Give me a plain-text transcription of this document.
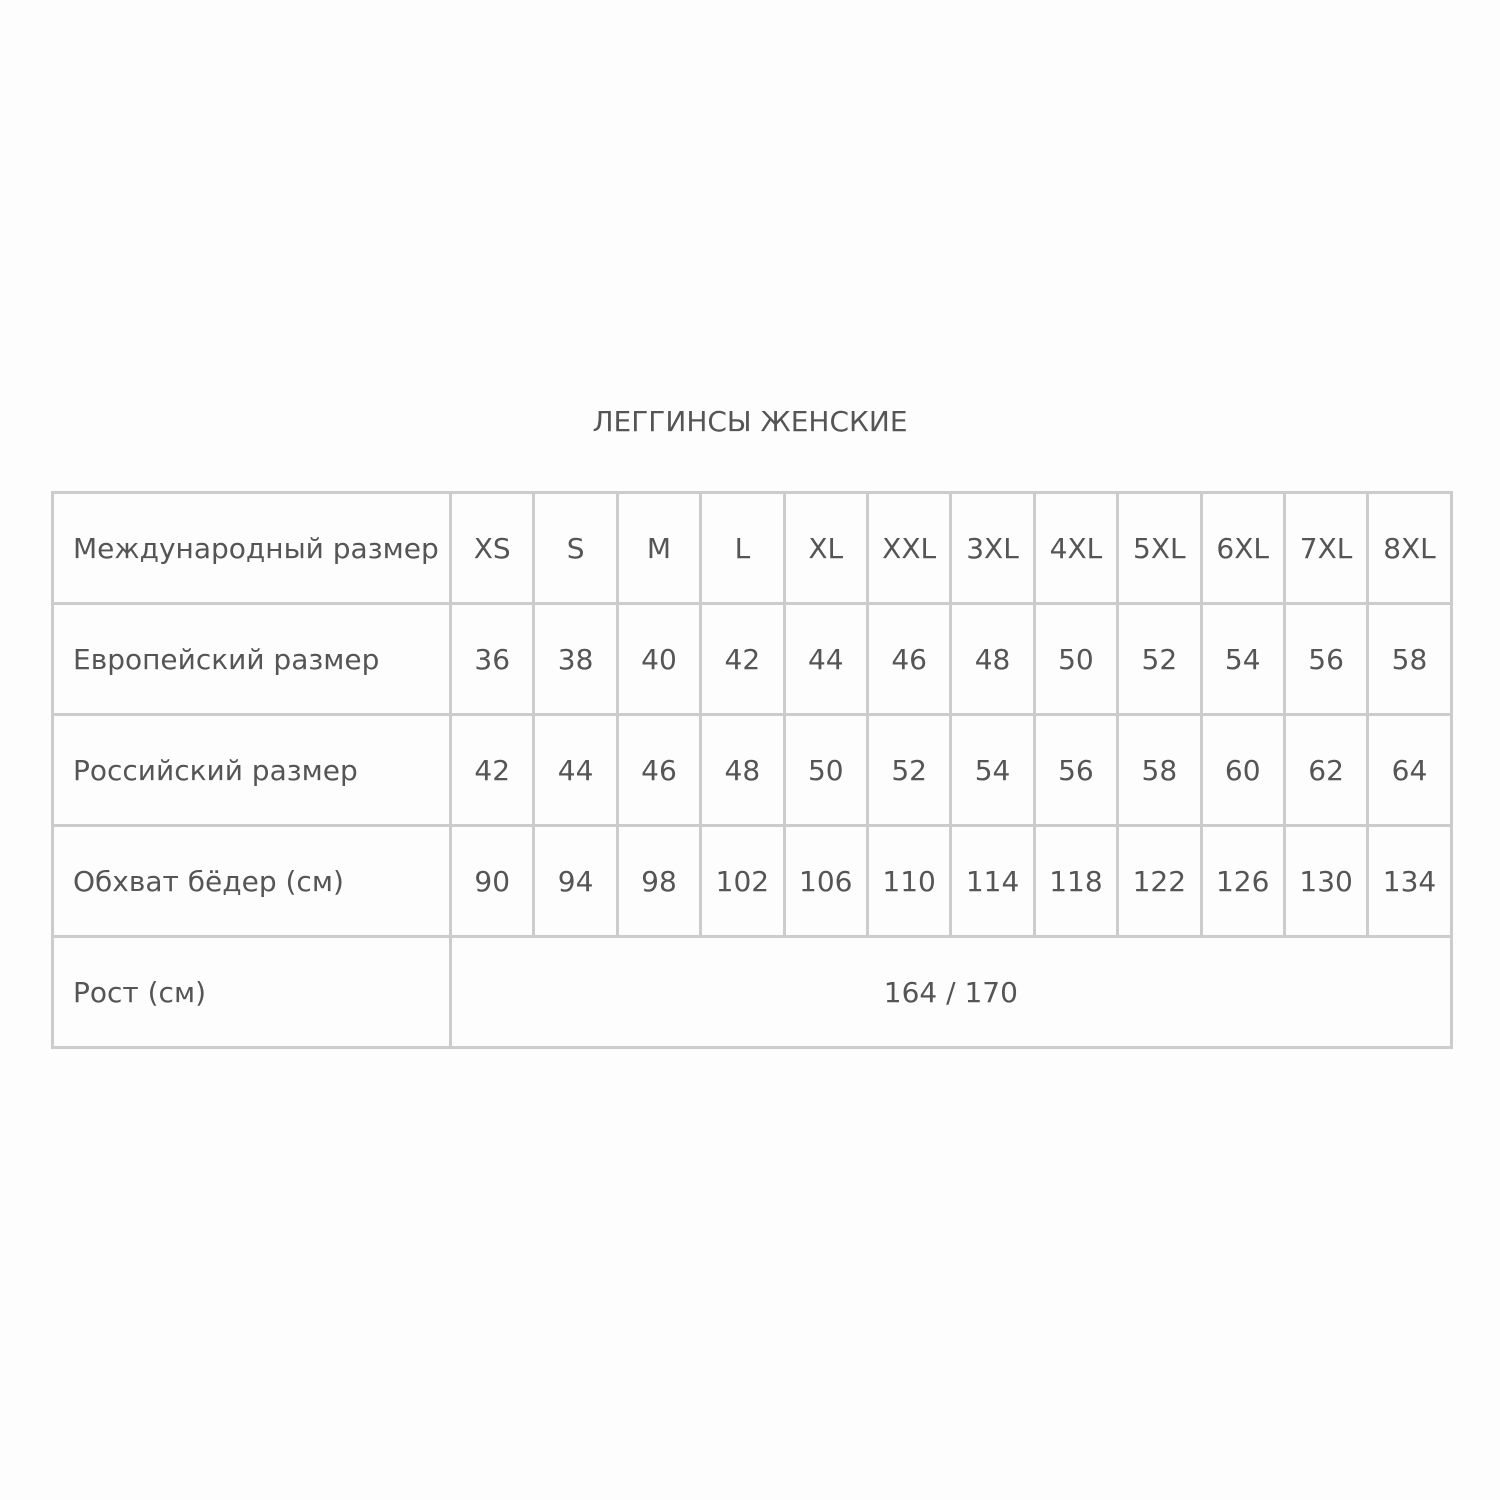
ЛЕГГИНСЫ ЖЕНСКИЕ
Международный размер	XS	S	M	L	XL	XXL	3XL	4XL	5XL	6XL	7XL	8XL
Европейский размер	36	38	40	42	44	46	48	50	52	54	56	58
Российский размер	42	44	46	48	50	52	54	56	58	60	62	64
Обхват бёдер (см)	90	94	98	102	106	110	114	118	122	126	130	134
Рост (см)	164 / 170											
